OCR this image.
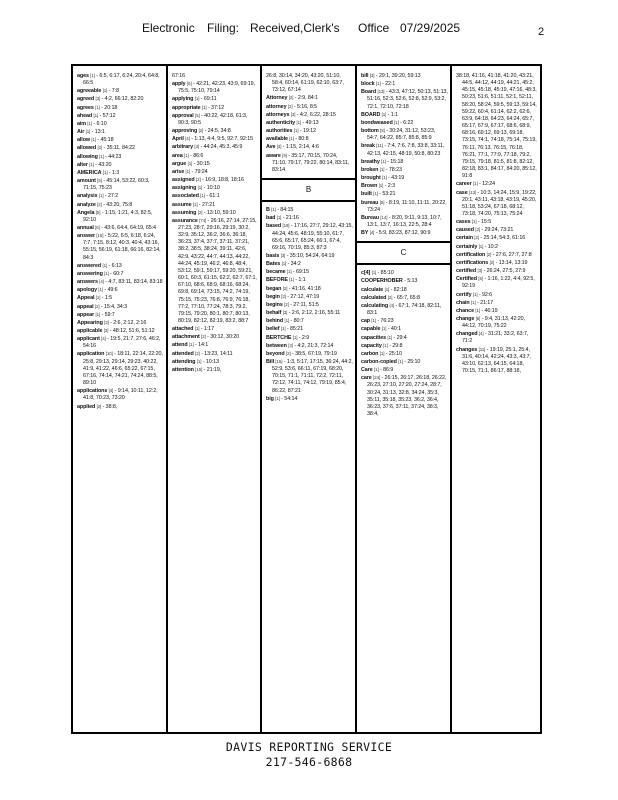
Electronic Filing: Received,Clerk's Office 07/29/2025	2
ages [1] - 6:5, 6:17, 6:24, 20:4, 64:8, 66:5
agreeable [1] - 7:8
agreed [3] - 4:2, 66:12, 82:20
agrees [1] - 20:18
ahead [1] - 57:12
aim [1] - 6:10
Air [1] - 13:1
allow [1] - 45:18
allowed [2] - 35:11, 84:22
allowing [1] - 44:23
alter [1] - 43:20
AMERICA [1] - 1:3
amount [5] - 45:14, 53:22, 60:3, 71:15, 75:23
analysis [1] - 27:2
analyze [2] - 43:20, 75:8
Angela [5] - 1:15, 1:21, 4:3, 82:5, 92:10
annual [6] - 43:6, 64:4, 64:19, 65:4
answer [16] - 5:22, 6:5, 6:18, 6:24, 7:7, 7:15, 8:12, 40:3, 40:4, 43:16, 55:15, 56:19, 61:18, 66:16, 82:14, 84:3
answered [1] - 6:13
answering [1] - 60:7
answers [4] - 4:7, 83:11, 83:14, 83:18
apology [1] - 49:6
Appeal [1] - 1:5
appeal [2] - 15:4, 34:3
appear [1] - 59:7
Appearing [3] - 2:6, 2:12, 2:16
applicable [3] - 48:12, 51:6, 51:12
applicant [4] - 19:5, 21:7, 27:6, 46:2, 54:16
application [10] - 18:11, 22:14, 22:20, 25:8, 29:13, 29:14, 29:23, 40:22, 41:9, 41:22, 46:6, 65:22, 67:15, 67:16, 74:14, 74:21, 74:24, 88:5, 89:10
applications [4] - 9:14, 10:11, 12:2, 41:8, 70:23, 73:20
applied [2] - 38:8,
67:16
apply [6] - 42:21, 42:23, 43:9, 69:19, 75:5, 75:10, 79:14
applying [1] - 69:11
appropriate [1] - 37:12
approval [5] - 40:22, 42:18, 61:3, 90:3, 90:5
approving [2] - 24:5, 34:8
April [4] - 1:13, 4:4, 9:5, 92:7, 92:15
arbitrary [3] - 44:24, 45:3, 45:9
area [1] - 86:6
argue [1] - 30:15
arise [1] - 79:24
assigned [2] - 16:9, 18:8, 18:16
assigning [1] - 10:10
associated [1] - 61:1
assume [1] - 27:21
assuming [2] - 13:10, 59:10
assurance [74] - 26:16, 27:14, 27:15, 27:23, 28:7, 29:16, 29:19, 30:2, 32:9, 35:12, 36:2, 36:6, 36:18, 36:23, 37:4, 37:7, 37:11, 37:21, 38:2, 38:5, 38:24, 39:11, 42:6, 42:9, 43:22, 44:7, 44:13, 44:22, 44:24, 45:19, 46:2, 46:8, 48:4, 53:12, 59:1, 59:17, 59:20, 59:21, 60:1, 60:3, 61:15, 62:2, 62:7, 67:1, 67:10, 68:6, 68:9, 68:16, 68:24, 69:8, 69:14, 73:15, 74:2, 74:19, 75:15, 75:23, 76:8, 76:9, 76:18, 77:2, 77:10, 77:24, 78:3, 79:2, 79:15, 79:20, 80:1, 80:7, 80:13, 80:19, 82:12, 82:19, 83:2, 88:7
attached [1] - 1:17
attachment [2] - 30:12, 30:20
attend [1] - 14:1
attended [2] - 13:23, 14:11
attending [1] - 10:13
attention [15] - 21:19,
26:8, 30:14, 34:20, 43:20, 51:10, 58:4, 60:14, 61:19, 62:10, 63:7, 73:12, 67:14
Attorney [2] - 2:9, 84:1
attorney [2] - 5:16, 8:5
attorneys [3] - 4:2, 6:22, 28:15
authenticity [1] - 49:13
authorities [1] - 19:12
available [1] - 80:8
Ave [3] - 1:15, 2:14, 4:6
aware [9] - 35:17, 70:15, 70:24, 71:10, 79:17, 79:22, 80:14, 83:11, 83:14
B
B [1] - 84:15
bad [1] - 21:16
based [19] - 17:16, 27:7, 29:12, 43:15, 44:24, 45:6, 48:19, 55:10, 61:7, 65:6, 65:17, 65:24, 66:1, 67:4, 69:16, 70:19, 85:3, 87:3
basis [3] - 35:10, 54:24, 64:19
Bates [1] - 34:2
became [1] - 69:15
BEFORE [1] - 1:1
began [2] - 41:16, 41:18
begin [2] - 27:12, 47:19
begins [2] - 27:11, 51:5
behalf [3] - 2:6, 2:12, 2:16, 55:11
behind [1] - 80:7
belief [1] - 85:21
BERTCHE [1] - 2:9
between [3] - 4:2, 21:3, 72:14
beyond [3] - 38:5, 67:19, 79:19
Bill [15] - 1:3, 5:17, 17:15, 36:24, 44:2, 52:9, 53:6, 66:11, 67:19, 68:20, 70:15, 71:1, 71:11, 72:2, 72:11, 72:12, 74:11, 74:12, 79:19, 85:4, 86:22, 87:21
big [1] - 54:14
bill [3] - 29:1, 39:20, 59:13
block [1] - 22:1
Board [13] - 43:3, 47:12, 50:13, 51:13, 51:16, 52:3, 52:6, 52:8, 52:9, 53:2, 72:1, 72:10, 72:18
BOARD [1] - 1:1
bondweased [1] - 6:22
bottom [8] - 30:24, 31:12, 53:23, 54:7, 64:22, 85:7, 85:8, 85:9
break [11] - 7:4, 7:6, 7:8, 33:8, 33:11, 42:13, 42:15, 48:19, 50:8, 80:23
breathy [1] - 15:18
broken [1] - 78:23
brought [1] - 43:19
Brown [1] - 2:3
built [1] - 53:21
bureau [5] - 8:19, 11:10, 11:11, 20:22, 73:24
Bureau [14] - 8:20, 9:11, 9:13, 10:7, 13:1, 13:7, 16:13, 22:5, 28:4
BY [4] - 5:9, 83:23, 87:12, 90:9
C
c[4] [1] - 85:10
COOPERHOBER - 5:13
calculate [1] - 82:18
calculated [2] - 65:7, 65:8
calculating [4] - 67:1, 74:18, 82:11, 83:1
cap [1] - 76:23
capable [1] - 40:1
capacities [1] - 29:4
capacity [1] - 29:8
carbon [1] - 25:10
carbon-copied [1] - 25:10
Care [1] - 86:9
care [24] - 26:15, 26:17, 26:18, 26:22, 26:23, 27:10, 27:20, 27:24, 28:7, 30:24, 31:13, 32:8, 34:24, 35:3, 35:11, 35:18, 35:23, 36:2, 36:4, 36:23, 37:6, 37:11, 37:24, 38:3, 38:4,
38:18, 41:16, 41:18, 41:20, 43:21, 44:5, 44:12, 44:19, 44:21, 45:2, 45:15, 45:18, 45:19, 47:16, 48:3, 50:23, 51:6, 51:11, 52:1, 52:11, 58:20, 58:24, 59:5, 59:13, 59:14, 59:22, 60:4, 61:14, 62:2, 62:6, 63:9, 64:18, 64:23, 64:24, 65:7, 65:17, 67:9, 67:17, 68:6, 68:9, 68:16, 69:12, 69:13, 69:18, 73:15, 74:1, 74:18, 75:14, 75:19, 76:11, 76:13, 76:15, 76:18, 76:21, 77:1, 77:9, 77:18, 79:2, 79:15, 79:18, 81:5, 81:8, 82:12, 82:18, 83:1, 84:17, 84:20, 85:12, 91:8
career [1] - 12:24
case [13] - 10:3, 14:24, 15:9, 19:22, 20:1, 43:11, 43:18, 43:19, 45:20, 51:18, 53:24, 67:18, 68:12, 73:18, 74:20, 75:13, 75:24
cases [1] - 15:5
caused [2] - 29:24, 73:21
certain [2] - 25:14, 54:3, 61:16
certainly [1] - 10:2
certification [2] - 27:6, 27:7, 27:8
certifications [2] - 13:14, 13:19
certified [3] - 26:24, 27:5, 27:9
Certified [5] - 1:16, 1:22, 4:4, 92:5, 92:19
certify [1] - 92:6
chain [1] - 21:17
chance [1] - 46:19
change [6] - 9:4, 31:13, 42:20, 44:12, 70:19, 75:22
changed [4] - 31:21, 33:2, 63:7, 71:2
changes [11] - 19:19, 25:1, 25:4, 31:6, 40:14, 42:24, 43:3, 43:7, 43:10, 62:13, 64:15, 64:18, 70:15, 71:1, 86:17, 88:18,
DAVIS REPORTING SERVICE
217-546-6868
